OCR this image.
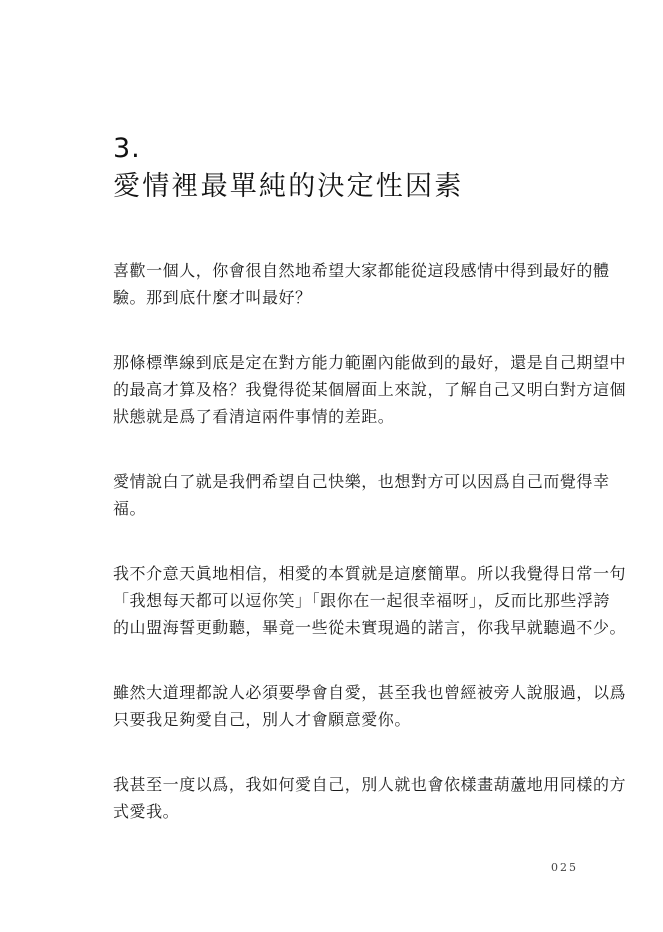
3.
愛情裡最單純的決定性因素
喜歡一個人，你會很自然地希望大家都能從這段感情中得到最好的體
驗。那到底什麼才叫最好？
那條標準線到底是定在對方能力範圍內能做到的最好，還是自己期望中
的最高才算及格？我覺得從某個層面上來說，了解自己又明白對方這個
狀態就是爲了看清這兩件事情的差距。
愛情說白了就是我們希望自己快樂，也想對方可以因爲自己而覺得幸
福。
我不介意天眞地相信，相愛的本質就是這麼簡單。所以我覺得日常一句
「我想每天都可以逗你笑」「跟你在一起很幸福呀」，反而比那些浮誇
的山盟海誓更動聽，畢竟一些從未實現過的諾言，你我早就聽過不少。
雖然大道理都說人必須要學會自愛，甚至我也曾經被旁人說服過，以爲
只要我足夠愛自己，別人才會願意愛你。
我甚至一度以爲，我如何愛自己，別人就也會依樣畫葫蘆地用同樣的方
式愛我。
025
